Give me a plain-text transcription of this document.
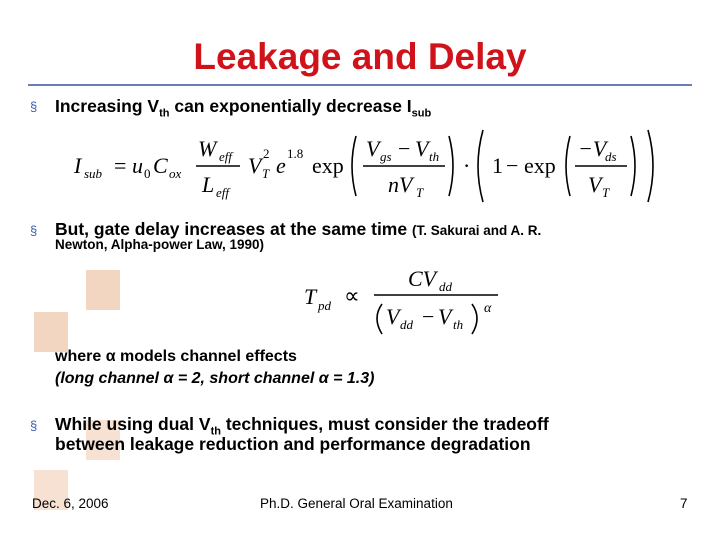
Leakage and Delay
§ Increasing $V_{th}$ can exponentially decrease $I_{sub}$
I sub = u 0 C ox
W eff
L eff
V T
2 e 1.8 exp
V gs − V th
nV T
· 1 − exp
−V
ds
V T
§ But, gate delay increases at the same time (T. Sakurai and A. R.
Newton, Alpha-power Law, 1990)
T pd ∝
CV dd
V dd − V th
α
where α models channel effects
(long channel α = 2, short channel α = 1.3)
§ While using dual $V_{th}$ techniques, must consider the tradeoff
between leakage reduction and performance degradation
Dec. 6, 2006	Ph.D. General Oral Examination	7
